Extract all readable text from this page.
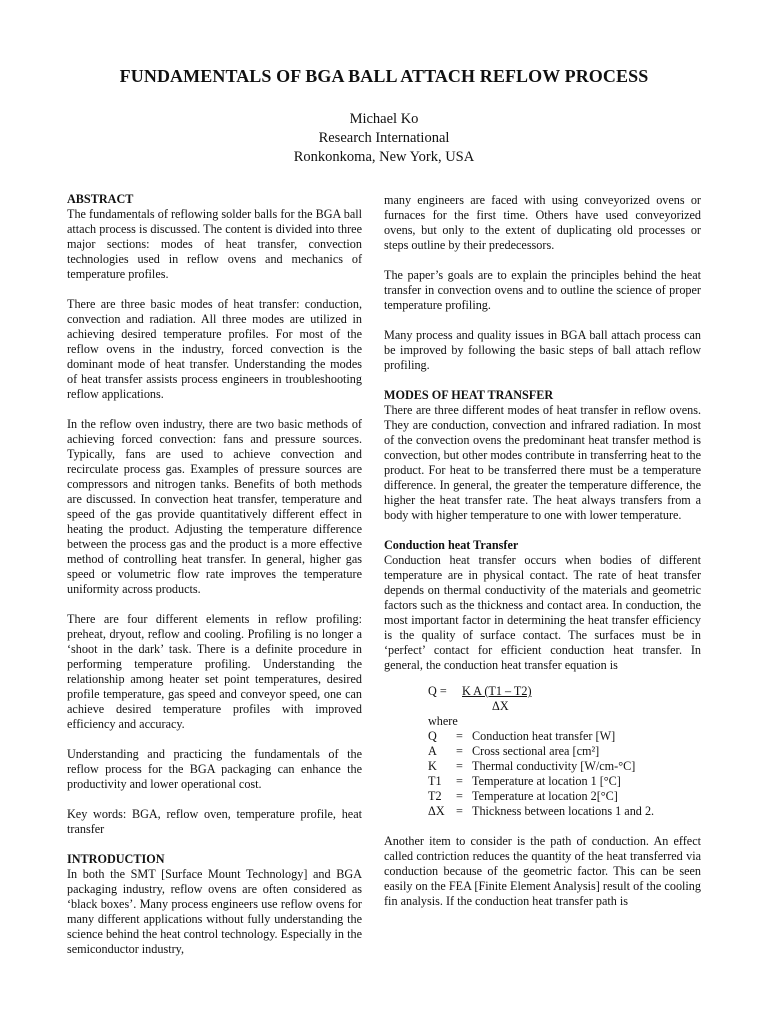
FUNDAMENTALS OF BGA BALL ATTACH REFLOW PROCESS
Michael Ko
Research International
Ronkonkoma, New York, USA

ABSTRACT

The fundamentals of reflowing solder balls for the BGA ball attach process is discussed. The content is divided into three major sections: modes of heat transfer, convection technologies used in reflow ovens and mechanics of temperature profiles.

There are three basic modes of heat transfer: conduction, convection and radiation. All three modes are utilized in achieving desired temperature profiles. For most of the reflow ovens in the industry, forced convection is the dominant mode of heat transfer. Understanding the modes of heat transfer assists process engineers in troubleshooting reflow applications.

In the reflow oven industry, there are two basic methods of achieving forced convection: fans and pressure sources. Typically, fans are used to achieve convection and recirculate process gas. Examples of pressure sources are compressors and nitrogen tanks. Benefits of both methods are discussed. In convection heat transfer, temperature and speed of the gas provide quantitatively different effect in heating the product. Adjusting the temperature difference between the process gas and the product is a more effective method of controlling heat transfer. In general, higher gas speed or volumetric flow rate improves the temperature uniformity across products.

There are four different elements in reflow profiling: preheat, dryout, reflow and cooling. Profiling is no longer a ‘shoot in the dark’ task. There is a definite procedure in performing temperature profiling. Understanding the relationship among heater set point temperatures, desired profile temperature, gas speed and conveyor speed, one can achieve desired temperature profiles with improved efficiency and accuracy.

Understanding and practicing the fundamentals of the reflow process for the BGA packaging can enhance the productivity and lower operational cost.

Key words: BGA, reflow oven, temperature profile, heat transfer

INTRODUCTION

In both the SMT [Surface Mount Technology] and BGA packaging industry, reflow ovens are often considered as ‘black boxes’. Many process engineers use reflow ovens for many different applications without fully understanding the science behind the heat control technology. Especially in the semiconductor industry,

many engineers are faced with using conveyorized ovens or furnaces for the first time. Others have used conveyorized ovens, but only to the extent of duplicating old processes or steps outline by their predecessors.

The paper’s goals are to explain the principles behind the heat transfer in convection ovens and to outline the science of proper temperature profiling.

Many process and quality issues in BGA ball attach process can be improved by following the basic steps of ball attach reflow profiling.

MODES OF HEAT TRANSFER

There are three different modes of heat transfer in reflow ovens. They are conduction, convection and infrared radiation. In most of the convection ovens the predominant heat transfer method is convection, but other modes contribute in transferring heat to the product. For heat to be transferred there must be a temperature difference. In general, the greater the temperature difference, the higher the heat transfer rate. The heat always transfers from a body with higher temperature to one with lower temperature.

Conduction heat Transfer

Conduction heat transfer occurs when bodies of different temperature are in physical contact. The rate of heat transfer depends on thermal conductivity of the materials and geometric factors such as the thickness and contact area. In conduction, the most important factor in determining the heat transfer efficiency is the quality of surface contact. The surfaces must be in ‘perfect’ contact for efficient conduction heat transfer. In general, the conduction heat transfer equation is

Q = K A (T1 – T2)
ΔX
where
Q	= Conduction heat transfer [W]
A	= Cross sectional area [cm²]
K	= Thermal conductivity [W/cm-°C]
T1	= Temperature at location 1 [°C]
T2	= Temperature at location 2[°C]
ΔX = Thickness between locations 1 and 2.

Another item to consider is the path of conduction. An effect called contriction reduces the quantity of the heat transferred via conduction because of the geometric factor. This can be seen easily on the FEA [Finite Element Analysis] result of the cooling fin analysis. If the conduction heat transfer path is
